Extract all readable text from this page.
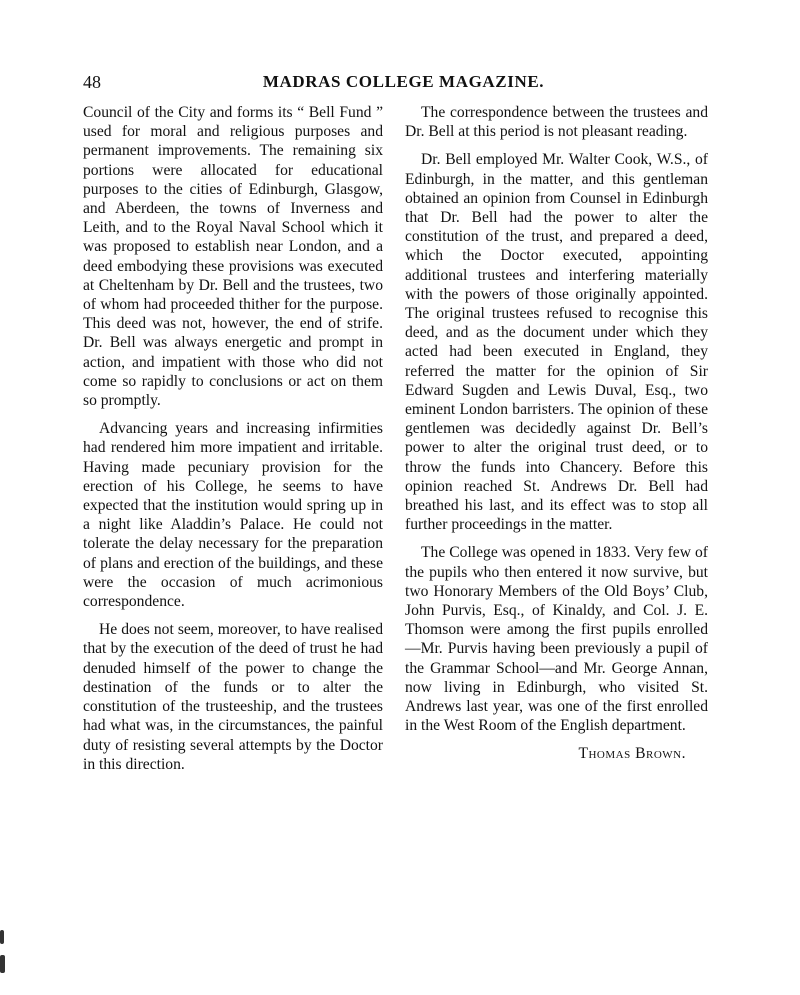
48	MADRAS COLLEGE MAGAZINE.

Council of the City and forms its “ Bell Fund ” used for moral and religious purposes and permanent improvements. The remaining six portions were allocated for educational purposes to the cities of Edinburgh, Glasgow, and Aberdeen, the towns of Inverness and Leith, and to the Royal Naval School which it was proposed to establish near London, and a deed embodying these provisions was executed at Cheltenham by Dr. Bell and the trustees, two of whom had proceeded thither for the purpose. This deed was not, however, the end of strife. Dr. Bell was always energetic and prompt in action, and impatient with those who did not come so rapidly to conclusions or act on them so promptly.

Advancing years and increasing infirmities had rendered him more impatient and irritable. Having made pecuniary provision for the erection of his College, he seems to have expected that the institution would spring up in a night like Aladdin’s Palace. He could not tolerate the delay necessary for the preparation of plans and erection of the buildings, and these were the occasion of much acrimonious correspondence.

He does not seem, moreover, to have realised that by the execution of the deed of trust he had denuded himself of the power to change the destination of the funds or to alter the constitution of the trusteeship, and the trustees had what was, in the circumstances, the painful duty of resisting several attempts by the Doctor in this direction.

The correspondence between the trustees and Dr. Bell at this period is not pleasant reading.

Dr. Bell employed Mr. Walter Cook, W.S., of Edinburgh, in the matter, and this gentleman obtained an opinion from Counsel in Edinburgh that Dr. Bell had the power to alter the constitution of the trust, and prepared a deed, which the Doctor executed, appointing additional trustees and interfering materially with the powers of those originally appointed. The original trustees refused to recognise this deed, and as the document under which they acted had been executed in England, they referred the matter for the opinion of Sir Edward Sugden and Lewis Duval, Esq., two eminent London barristers. The opinion of these gentlemen was decidedly against Dr. Bell’s power to alter the original trust deed, or to throw the funds into Chancery. Before this opinion reached St. Andrews Dr. Bell had breathed his last, and its effect was to stop all further proceedings in the matter.

The College was opened in 1833. Very few of the pupils who then entered it now survive, but two Honorary Members of the Old Boys’ Club, John Purvis, Esq., of Kinaldy, and Col. J. E. Thomson were among the first pupils enrolled—Mr. Purvis having been previously a pupil of the Grammar School—and Mr. George Annan, now living in Edinburgh, who visited St. Andrews last year, was one of the first enrolled in the West Room of the English department.

Thomas Brown.
